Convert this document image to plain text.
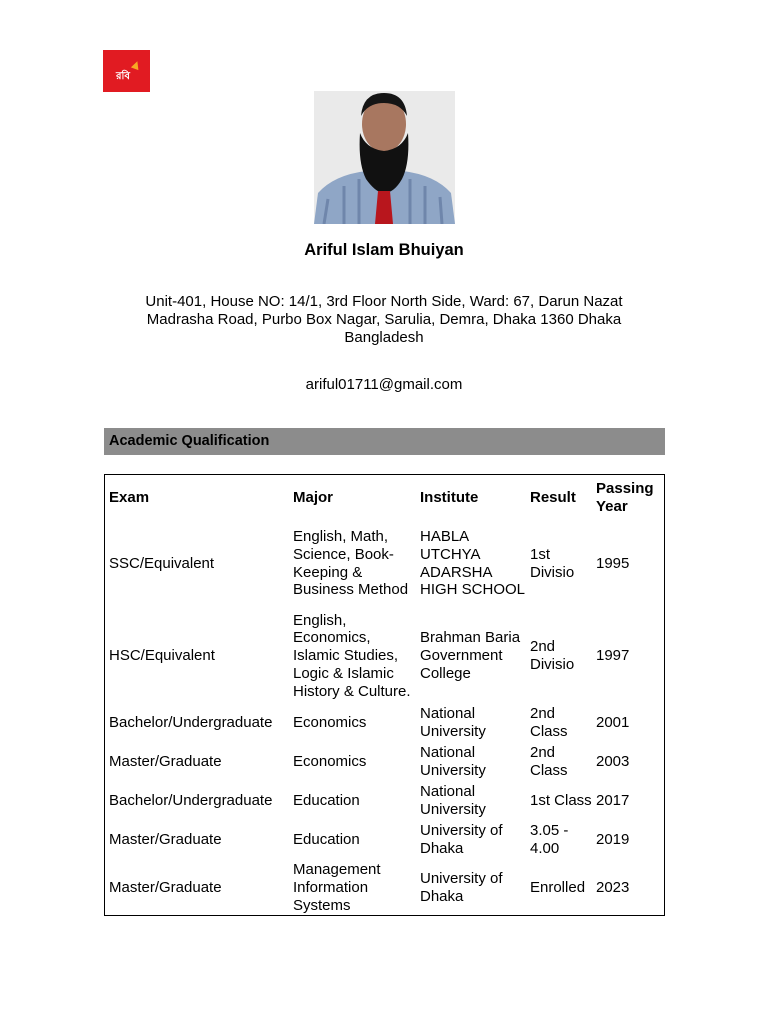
রবি
Ariful Islam Bhuiyan
Unit-401, House NO: 14/1, 3rd Floor North Side, Ward: 67, Darun Nazat Madrasha Road, Purbo Box Nagar, Sarulia, Demra, Dhaka 1360 Dhaka Bangladesh
ariful01711@gmail.com
Academic Qualification
Exam	Major	Institute	Result	Passing Year
SSC/Equivalent	English, Math, Science, Book-Keeping & Business Method	HABLA UTCHYA ADARSHA HIGH SCHOOL	1st Divisio	1995
HSC/Equivalent	English, Economics, Islamic Studies, Logic & Islamic History & Culture.	Brahman Baria Government College	2nd Divisio	1997
Bachelor/Undergraduate	Economics	National University	2nd Class	2001
Master/Graduate	Economics	National University	2nd Class	2003
Bachelor/Undergraduate	Education	National University	1st Class	2017
Master/Graduate	Education	University of Dhaka	3.05 - 4.00	2019
Master/Graduate	Management Information Systems	University of Dhaka	Enrolled	2023
